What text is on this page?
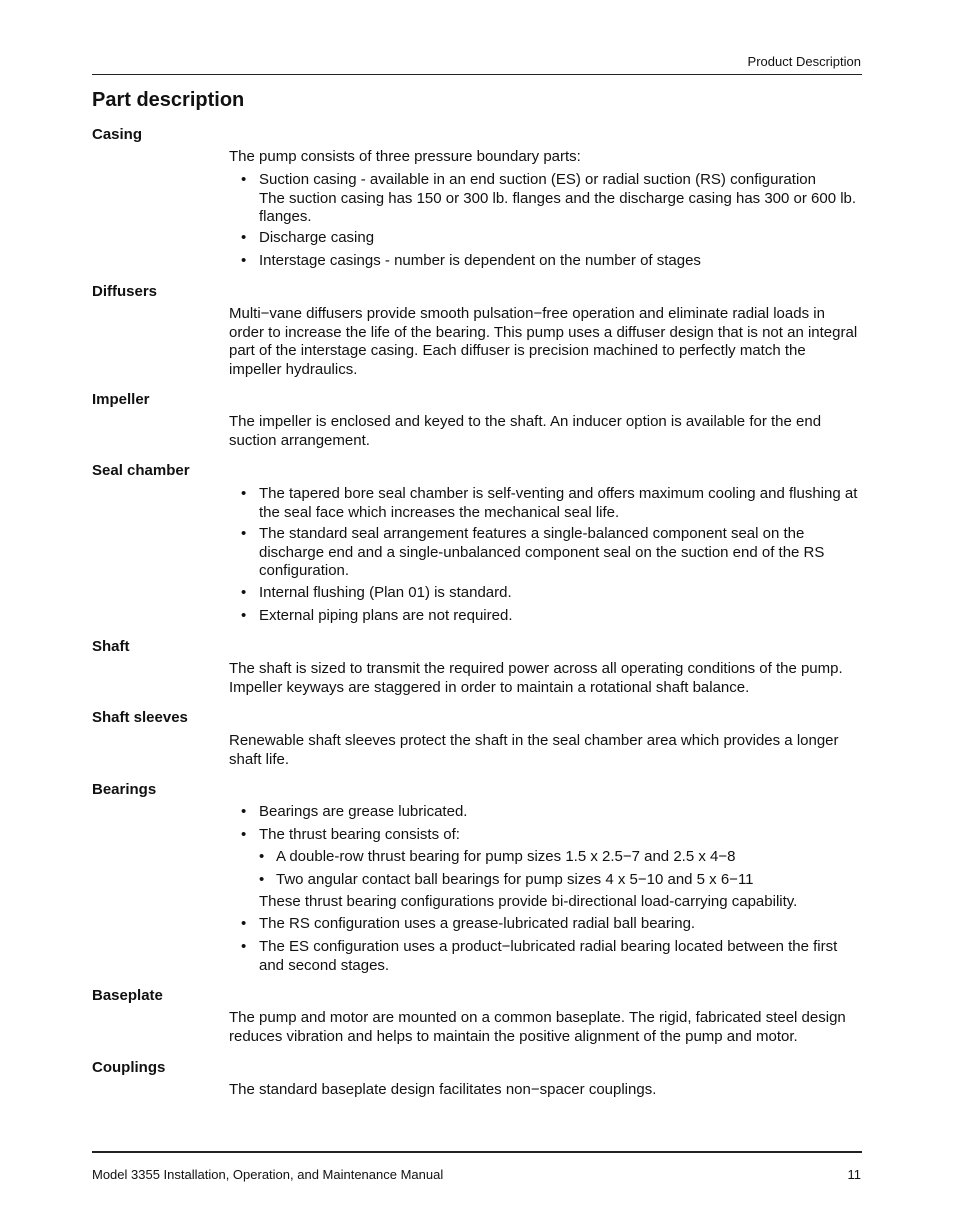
Product Description
Part description
Casing

The pump consists of three pressure boundary parts:

• Suction casing - available in an end suction (ES) or radial suction (RS) configuration
The suction casing has 150 or 300 lb. flanges and the discharge casing has 300 or 600 lb. flanges.

• Discharge casing

• Interstage casings - number is dependent on the number of stages

Diffusers

Multi−vane diffusers provide smooth pulsation−free operation and eliminate radial loads in order to increase the life of the bearing. This pump uses a diffuser design that is not an integral part of the interstage casing. Each diffuser is precision machined to perfectly match the impeller hydraulics.

Impeller

The impeller is enclosed and keyed to the shaft. An inducer option is available for the end suction arrangement.

Seal chamber
• The tapered bore seal chamber is self-venting and offers maximum cooling and flushing at the seal face which increases the mechanical seal life.

• The standard seal arrangement features a single-balanced component seal on the discharge end and a single-unbalanced component seal on the suction end of the RS configuration.

• Internal flushing (Plan 01) is standard.

• External piping plans are not required.

Shaft

The shaft is sized to transmit the required power across all operating conditions of the pump. Impeller keyways are staggered in order to maintain a rotational shaft balance.

Shaft sleeves

Renewable shaft sleeves protect the shaft in the seal chamber area which provides a longer shaft life.

Bearings
• Bearings are grease lubricated.

• The thrust bearing consists of:

• A double-row thrust bearing for pump sizes 1.5 x 2.5−7 and 2.5 x 4−8

• Two angular contact ball bearings for pump sizes 4 x 5−10 and 5 x 6−11

These thrust bearing configurations provide bi-directional load-carrying capability.

• The RS configuration uses a grease-lubricated radial ball bearing.

• The ES configuration uses a product−lubricated radial bearing located between the first and second stages.

Baseplate

The pump and motor are mounted on a common baseplate. The rigid, fabricated steel design reduces vibration and helps to maintain the positive alignment of the pump and motor.

Couplings

The standard baseplate design facilitates non−spacer couplings.

Model 3355 Installation, Operation, and Maintenance Manual	11
